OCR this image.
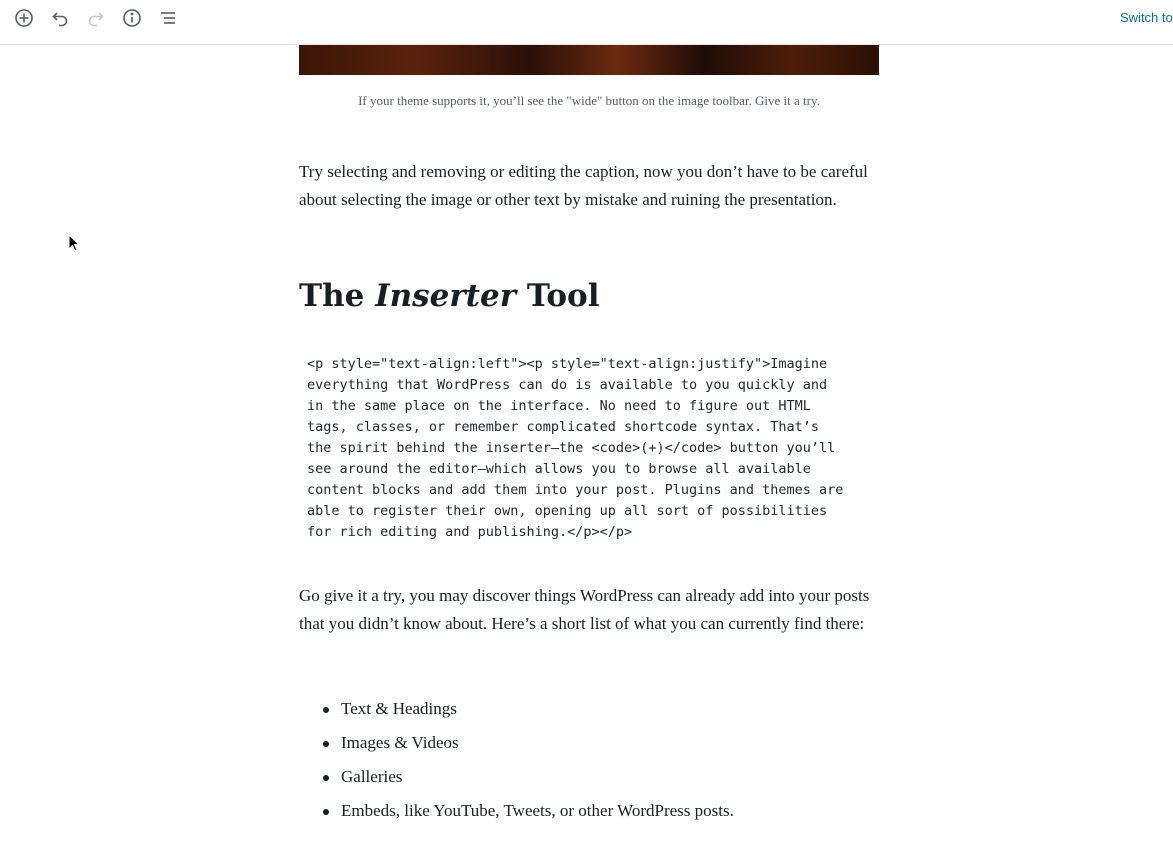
Switch to
If your theme supports it, you’ll see the "wide" button on the image toolbar. Give it a try.

Try selecting and removing or editing the caption, now you don’t have to be careful about selecting the image or other text by mistake and ruining the presentation.

The Inserter Tool
<p style="text-align:left"><p style="text-align:justify">Imagine
everything that WordPress can do is available to you quickly and
in the same place on the interface. No need to figure out HTML
tags, classes, or remember complicated shortcode syntax. That’s
the spirit behind the inserter—the <code>(+)</code> button you’ll
see around the editor—which allows you to browse all available
content blocks and add them into your post. Plugins and themes are
able to register their own, opening up all sort of possibilities
for rich editing and publishing.</p></p>

Go give it a try, you may discover things WordPress can already add into your posts that you didn’t know about. Here’s a short list of what you can currently find there:

Text & Headings
Images & Videos
Galleries
Embeds, like YouTube, Tweets, or other WordPress posts.
